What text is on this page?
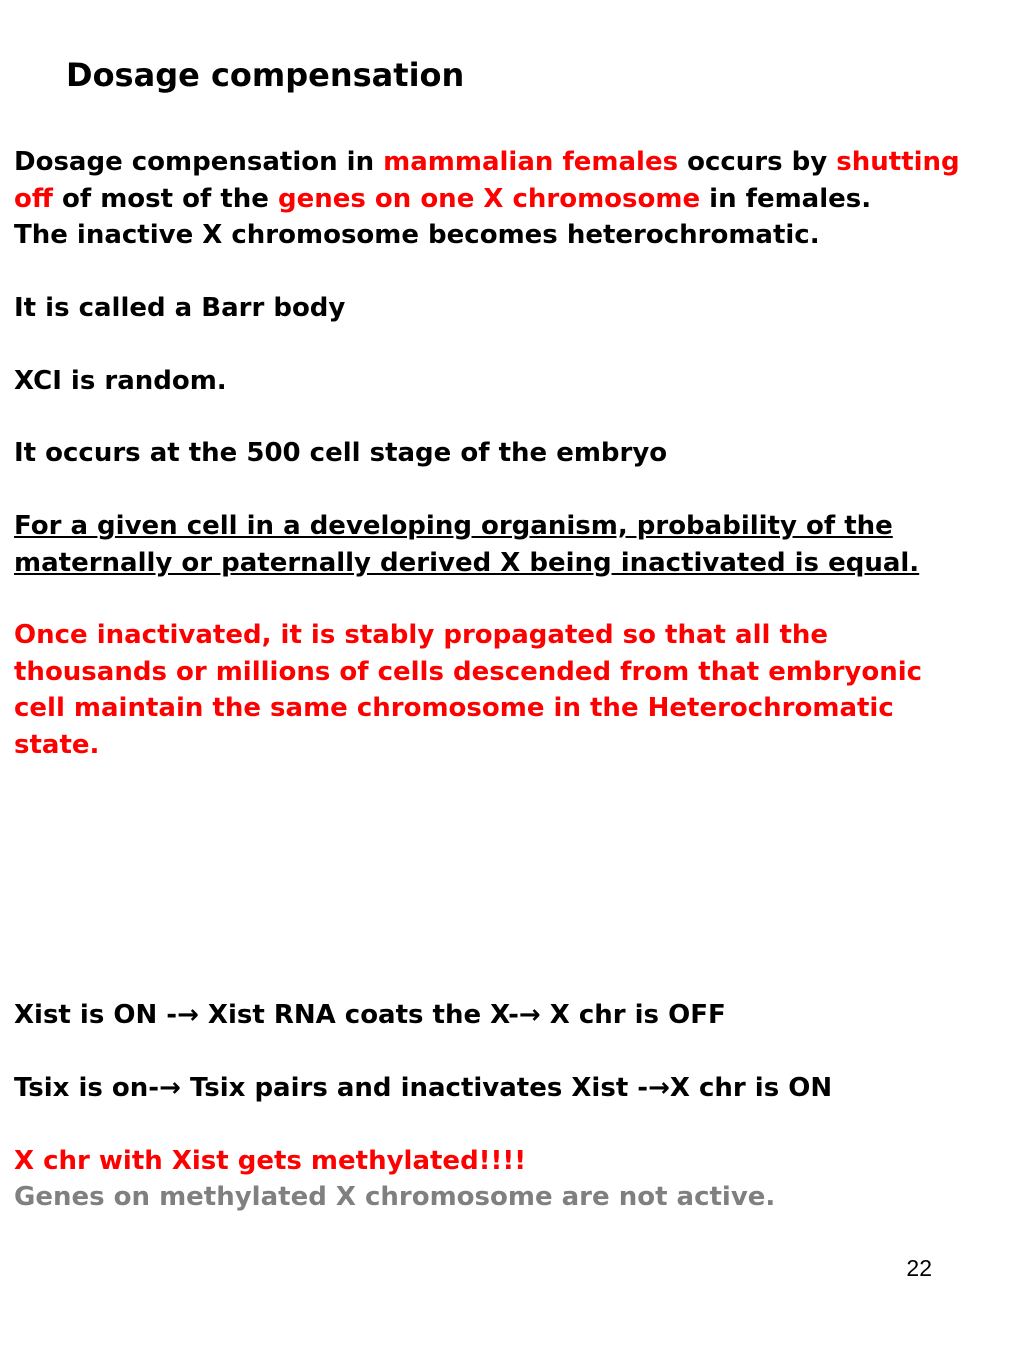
Dosage compensation
Dosage compensation in mammalian females occurs by shutting
off of most of the genes on one X chromosome in females.
The inactive X chromosome becomes heterochromatic.
It is called a Barr body
XCI is random.
It occurs at the 500 cell stage of the embryo
For a given cell in a developing organism, probability of the
maternally or paternally derived X being inactivated is equal.
Once inactivated, it is stably propagated so that all the
thousands or millions of cells descended from that embryonic
cell maintain the same chromosome in the Heterochromatic
state.
Xist is ON -→ Xist RNA coats the X-→ X chr is OFF
Tsix is on-→ Tsix pairs and inactivates Xist -→X chr is ON
X chr with Xist gets methylated!!!!
Genes on methylated X chromosome are not active.
22
